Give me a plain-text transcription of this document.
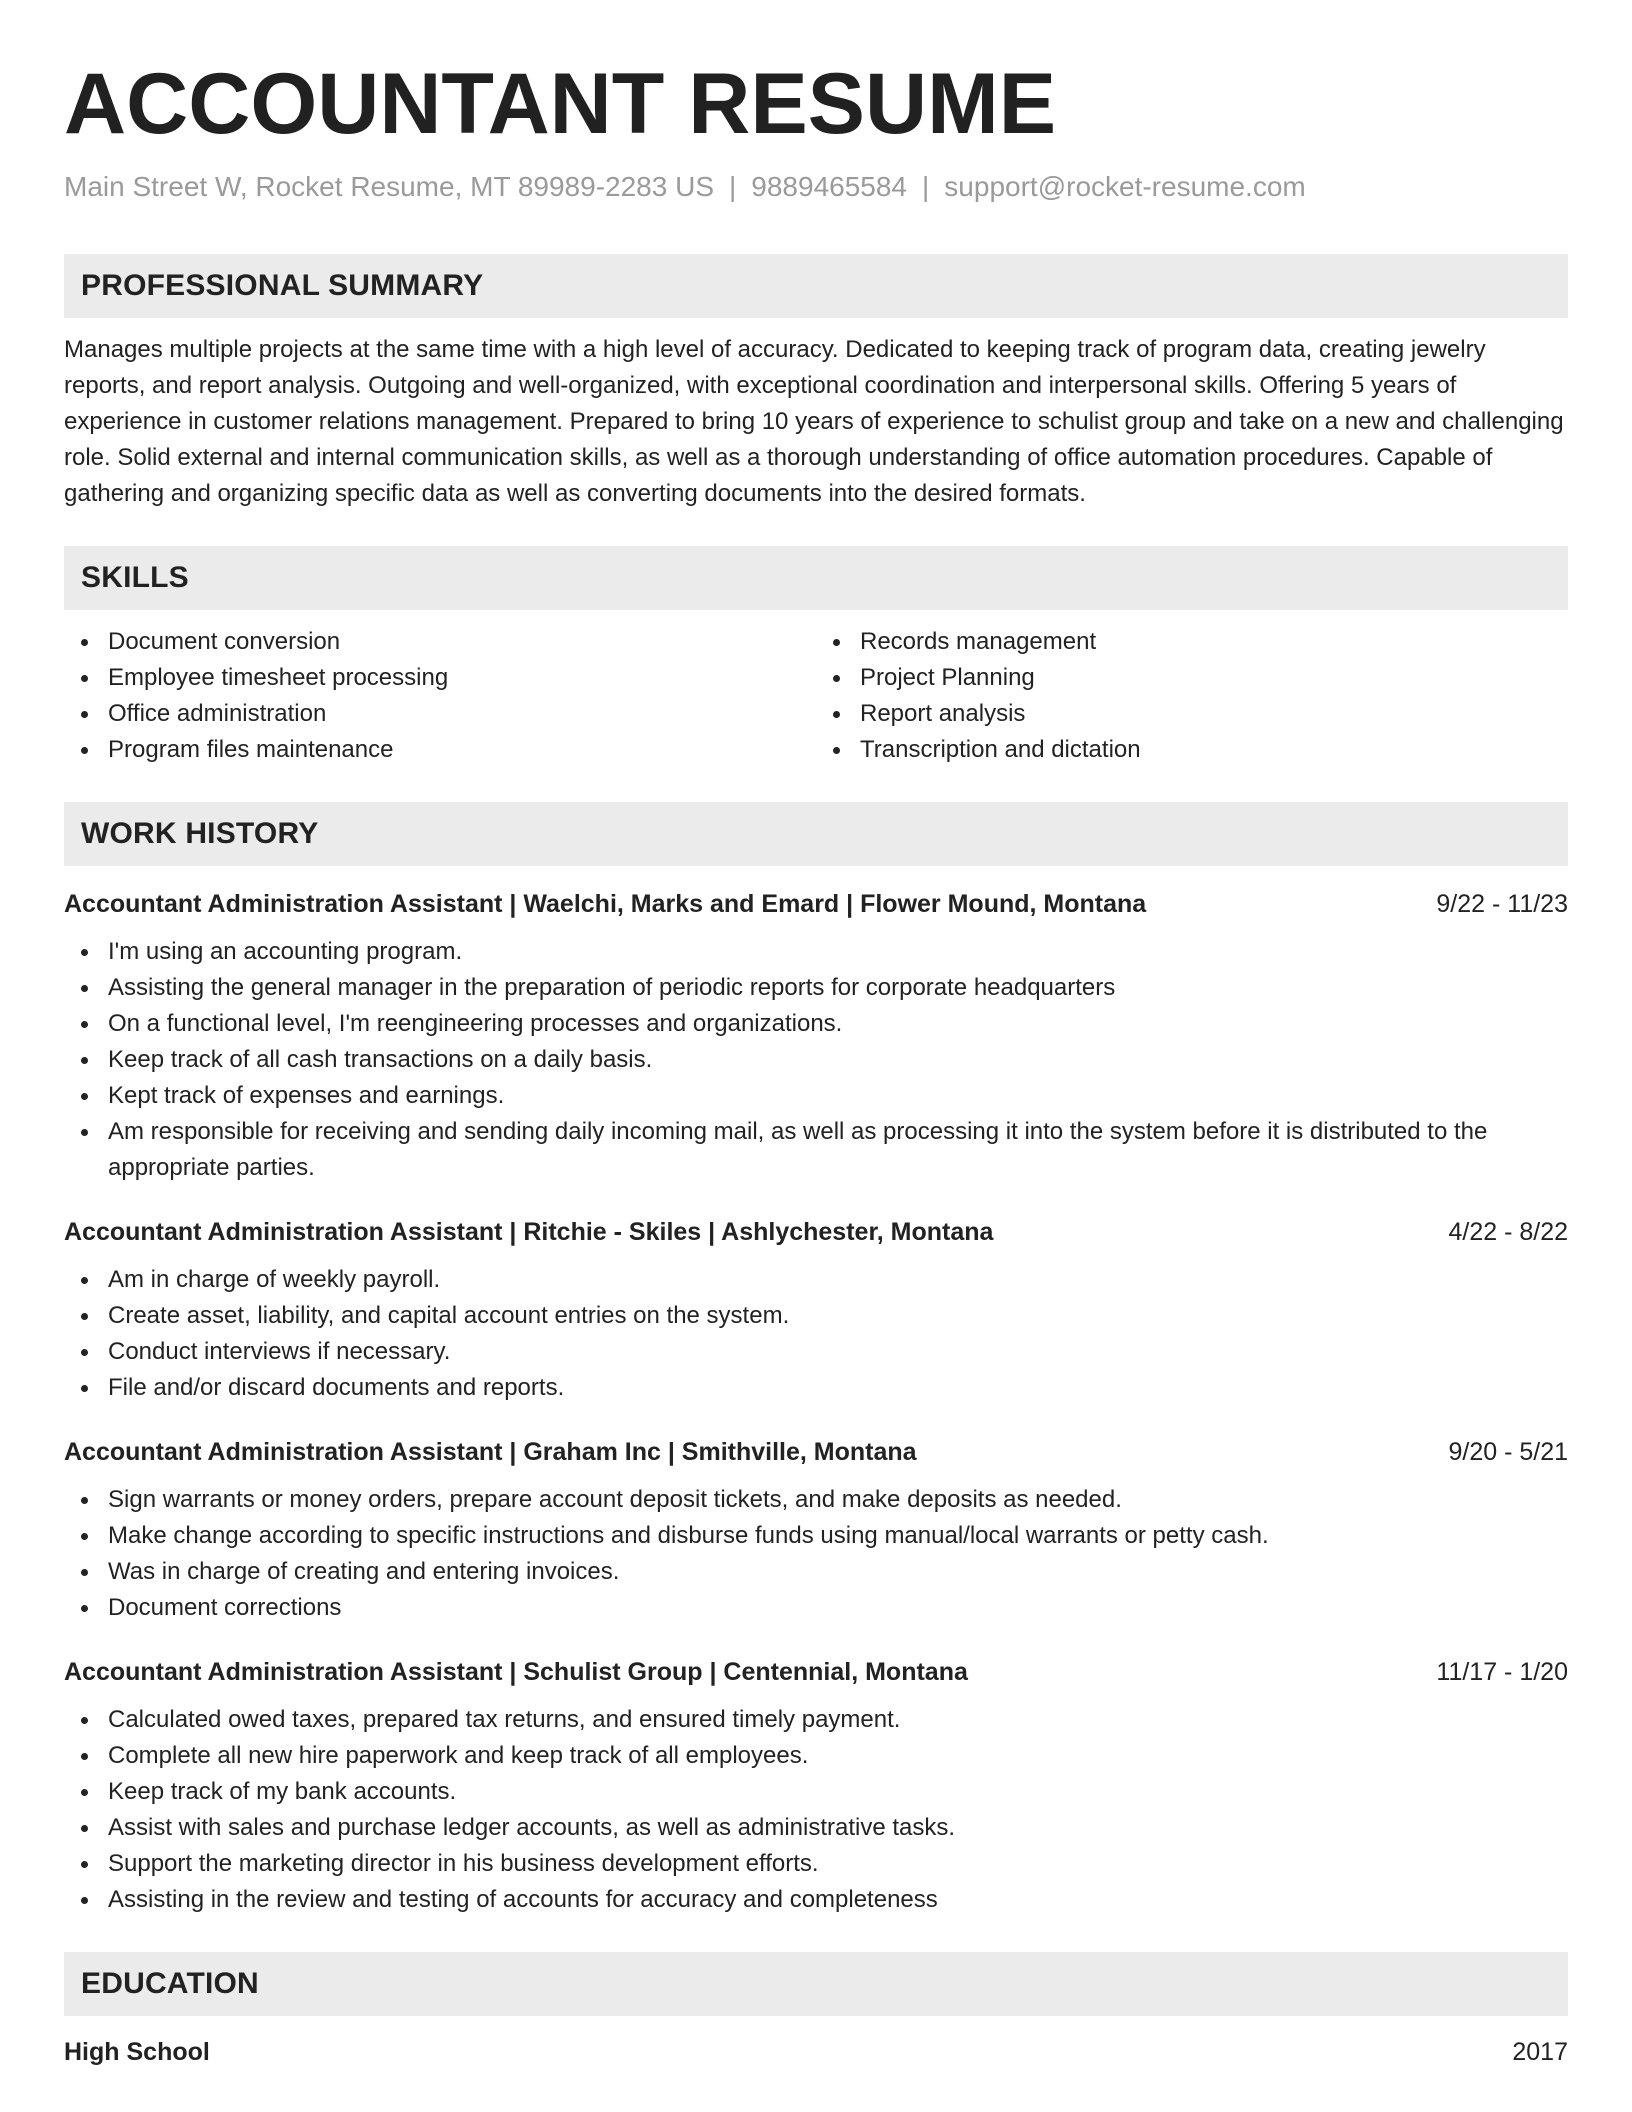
ACCOUNTANT RESUME
Main Street W, Rocket Resume, MT 89989-2283 US | 9889465584 | support@rocket-resume.com
PROFESSIONAL SUMMARY
Manages multiple projects at the same time with a high level of accuracy. Dedicated to keeping track of program data, creating jewelry reports, and report analysis. Outgoing and well-organized, with exceptional coordination and interpersonal skills. Offering 5 years of experience in customer relations management. Prepared to bring 10 years of experience to schulist group and take on a new and challenging role. Solid external and internal communication skills, as well as a thorough understanding of office automation procedures. Capable of gathering and organizing specific data as well as converting documents into the desired formats.
SKILLS
Document conversion
Employee timesheet processing
Office administration
Program files maintenance
Records management
Project Planning
Report analysis
Transcription and dictation
WORK HISTORY
Accountant Administration Assistant | Waelchi, Marks and Emard | Flower Mound, Montana	9/22 - 11/23
I'm using an accounting program.
Assisting the general manager in the preparation of periodic reports for corporate headquarters
On a functional level, I'm reengineering processes and organizations.
Keep track of all cash transactions on a daily basis.
Kept track of expenses and earnings.
Am responsible for receiving and sending daily incoming mail, as well as processing it into the system before it is distributed to the appropriate parties.
Accountant Administration Assistant | Ritchie - Skiles | Ashlychester, Montana	4/22 - 8/22
Am in charge of weekly payroll.
Create asset, liability, and capital account entries on the system.
Conduct interviews if necessary.
File and/or discard documents and reports.
Accountant Administration Assistant | Graham Inc | Smithville, Montana	9/20 - 5/21
Sign warrants or money orders, prepare account deposit tickets, and make deposits as needed.
Make change according to specific instructions and disburse funds using manual/local warrants or petty cash.
Was in charge of creating and entering invoices.
Document corrections
Accountant Administration Assistant | Schulist Group | Centennial, Montana	11/17 - 1/20
Calculated owed taxes, prepared tax returns, and ensured timely payment.
Complete all new hire paperwork and keep track of all employees.
Keep track of my bank accounts.
Assist with sales and purchase ledger accounts, as well as administrative tasks.
Support the marketing director in his business development efforts.
Assisting in the review and testing of accounts for accuracy and completeness
EDUCATION
High School	2017
